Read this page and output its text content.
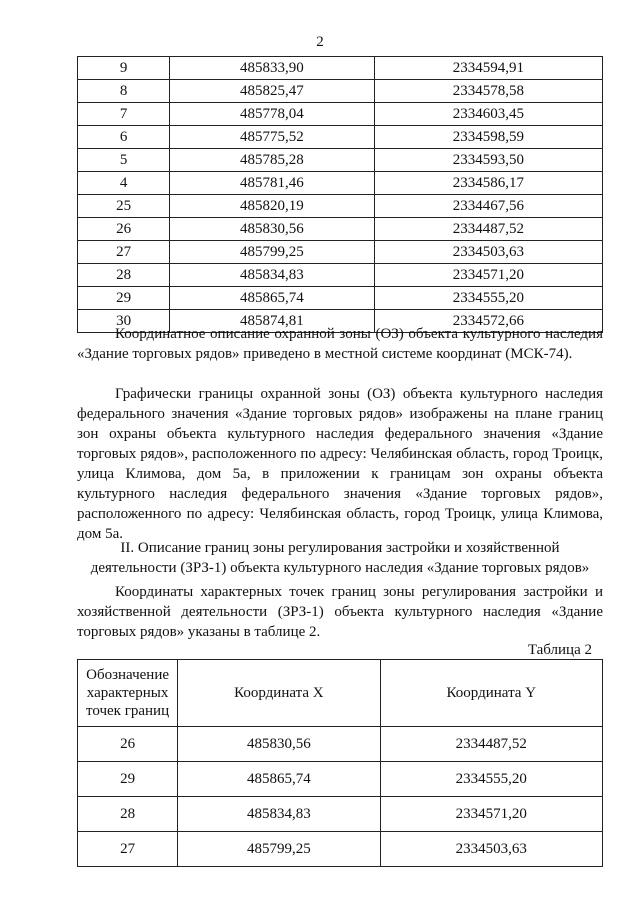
2
9	485833,90	2334594,91
8	485825,47	2334578,58
7	485778,04	2334603,45
6	485775,52	2334598,59
5	485785,28	2334593,50
4	485781,46	2334586,17
25	485820,19	2334467,56
26	485830,56	2334487,52
27	485799,25	2334503,63
28	485834,83	2334571,20
29	485865,74	2334555,20
30	485874,81	2334572,66

Координатное описание охранной зоны (ОЗ) объекта культурного наследия «Здание торговых рядов» приведено в местной системе координат (МСК-74).

Графически границы охранной зоны (ОЗ) объекта культурного наследия федерального значения «Здание торговых рядов» изображены на плане границ зон охраны объекта культурного наследия федерального значения «Здание торговых рядов», расположенного по адресу: Челябинская область, город Троицк, улица Климова, дом 5а, в приложении к границам зон охраны объекта культурного наследия федерального значения «Здание торговых рядов», расположенного по адресу: Челябинская область, город Троицк, улица Климова, дом 5а.

II. Описание границ зоны регулирования застройки и хозяйственной
деятельности (ЗРЗ-1) объекта культурного наследия «Здание торговых рядов»

Координаты характерных точек границ зоны регулирования застройки и хозяйственной деятельности (ЗРЗ-1) объекта культурного наследия «Здание торговых рядов» указаны в таблице 2.

Таблица 2
Обозначение
характерных
точек границ	Координата X	Координата Y
26	485830,56	2334487,52
29	485865,74	2334555,20
28	485834,83	2334571,20
27	485799,25	2334503,63
